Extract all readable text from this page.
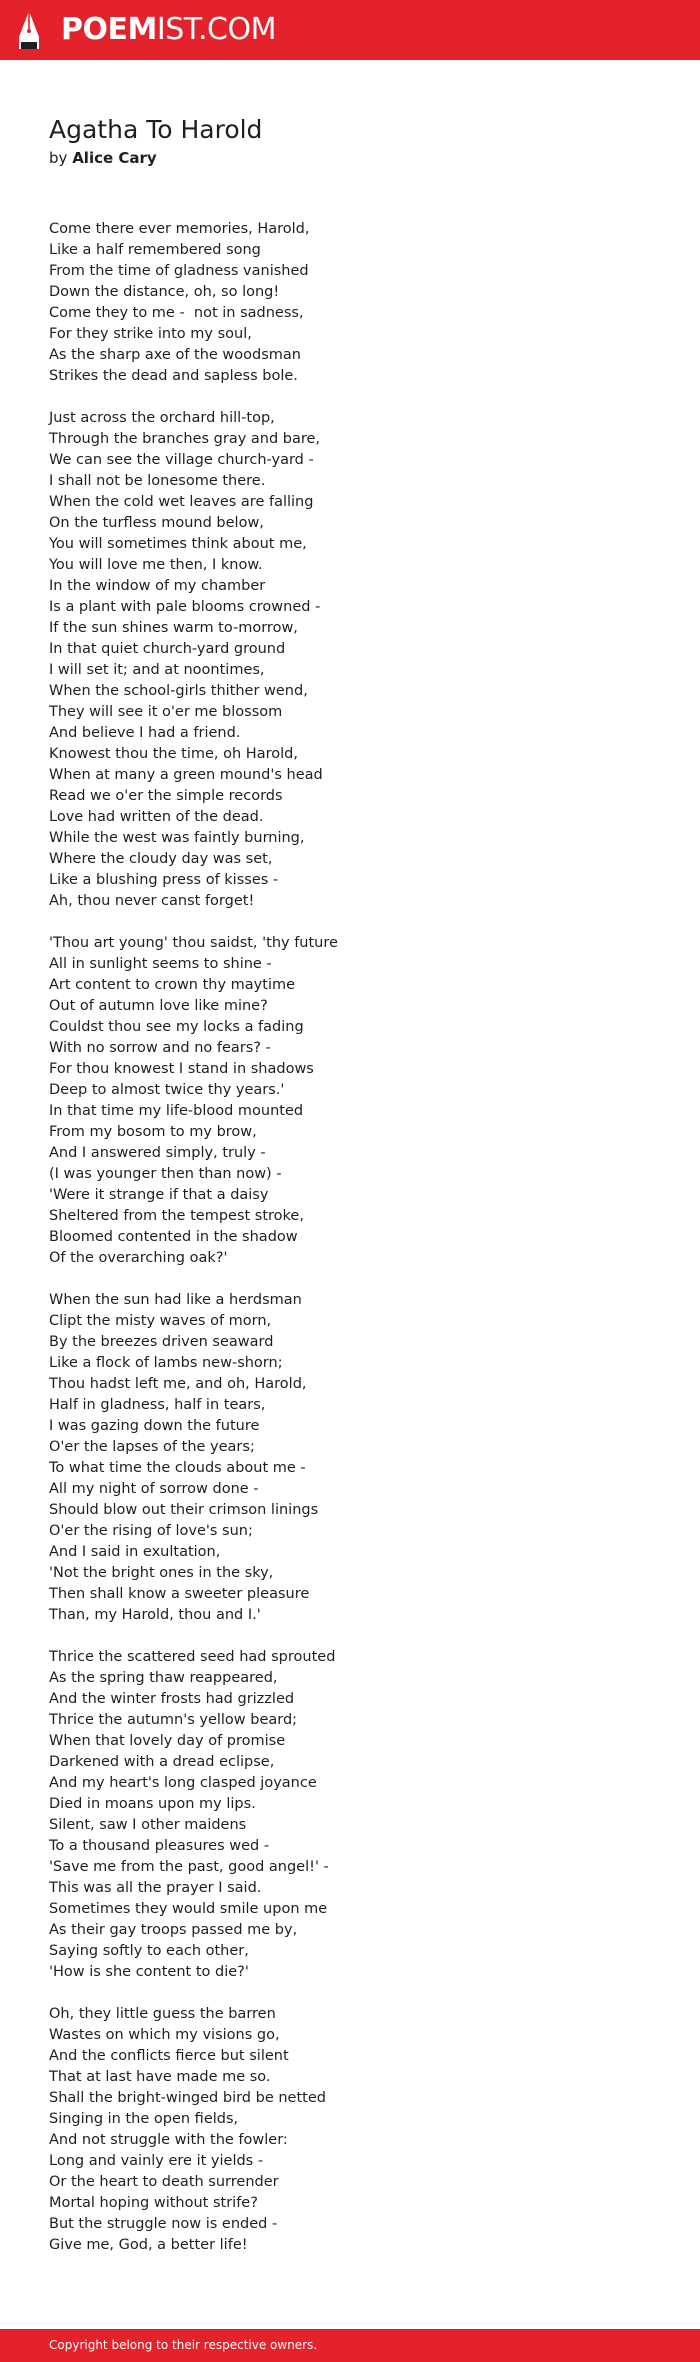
POEMIST.COM
Agatha To Harold
by Alice Cary
Come there ever memories, Harold,
Like a half remembered song
From the time of gladness vanished
Down the distance, oh, so long!
Come they to me -  not in sadness,
For they strike into my soul,
As the sharp axe of the woodsman
Strikes the dead and sapless bole.
Just across the orchard hill-top,
Through the branches gray and bare,
We can see the village church-yard -
I shall not be lonesome there.
When the cold wet leaves are falling
On the turfless mound below,
You will sometimes think about me,
You will love me then, I know.
In the window of my chamber
Is a plant with pale blooms crowned -
If the sun shines warm to-morrow,
In that quiet church-yard ground
I will set it; and at noontimes,
When the school-girls thither wend,
They will see it o'er me blossom
And believe I had a friend.
Knowest thou the time, oh Harold,
When at many a green mound's head
Read we o'er the simple records
Love had written of the dead.
While the west was faintly burning,
Where the cloudy day was set,
Like a blushing press of kisses -
Ah, thou never canst forget!
'Thou art young' thou saidst, 'thy future
All in sunlight seems to shine -
Art content to crown thy maytime
Out of autumn love like mine?
Couldst thou see my locks a fading
With no sorrow and no fears? -
For thou knowest I stand in shadows
Deep to almost twice thy years.'
In that time my life-blood mounted
From my bosom to my brow,
And I answered simply, truly -
(I was younger then than now) -
'Were it strange if that a daisy
Sheltered from the tempest stroke,
Bloomed contented in the shadow
Of the overarching oak?'
When the sun had like a herdsman
Clipt the misty waves of morn,
By the breezes driven seaward
Like a flock of lambs new-shorn;
Thou hadst left me, and oh, Harold,
Half in gladness, half in tears,
I was gazing down the future
O'er the lapses of the years;
To what time the clouds about me -
All my night of sorrow done -
Should blow out their crimson linings
O'er the rising of love's sun;
And I said in exultation,
'Not the bright ones in the sky,
Then shall know a sweeter pleasure
Than, my Harold, thou and I.'
Thrice the scattered seed had sprouted
As the spring thaw reappeared,
And the winter frosts had grizzled
Thrice the autumn's yellow beard;
When that lovely day of promise
Darkened with a dread eclipse,
And my heart's long clasped joyance
Died in moans upon my lips.
Silent, saw I other maidens
To a thousand pleasures wed -
'Save me from the past, good angel!' -
This was all the prayer I said.
Sometimes they would smile upon me
As their gay troops passed me by,
Saying softly to each other,
'How is she content to die?'
Oh, they little guess the barren
Wastes on which my visions go,
And the conflicts fierce but silent
That at last have made me so.
Shall the bright-winged bird be netted
Singing in the open fields,
And not struggle with the fowler:
Long and vainly ere it yields -
Or the heart to death surrender
Mortal hoping without strife?
But the struggle now is ended -
Give me, God, a better life!
Copyright belong to their respective owners.
